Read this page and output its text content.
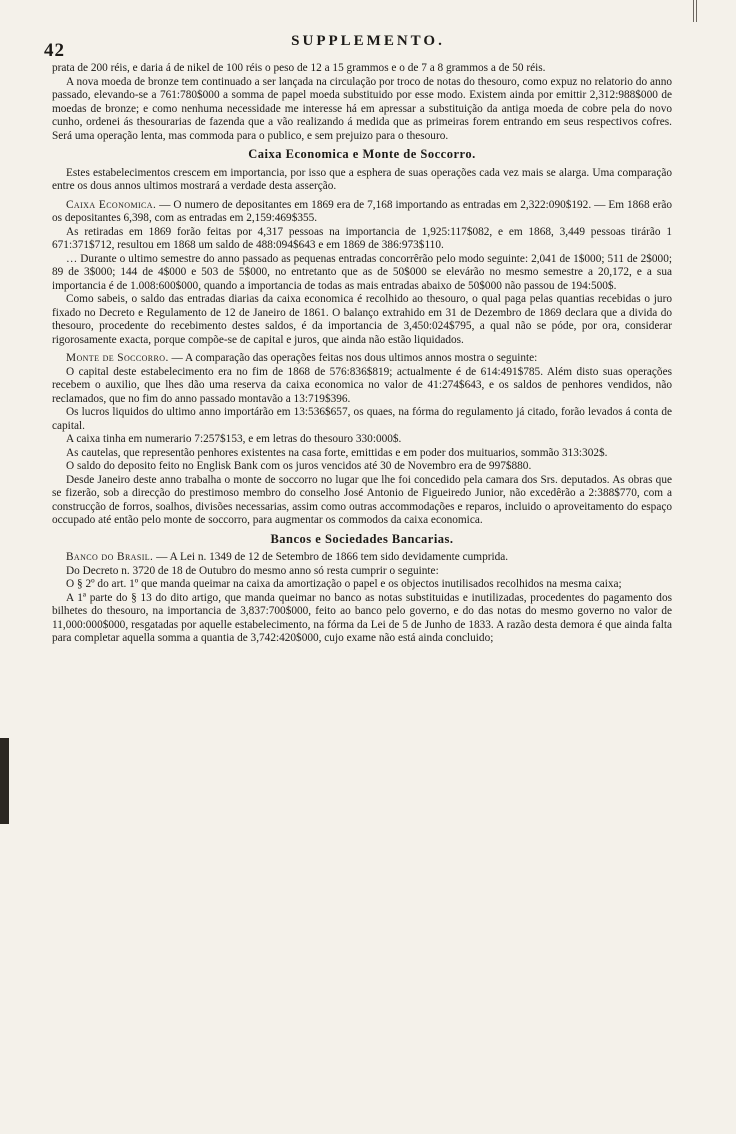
42	SUPPLEMENTO.

prata de 200 réis, e daria á de nikel de 100 réis o peso de 12 a 15 grammos e o de 7 a 8 grammos a de 50 réis.

A nova moeda de bronze tem continuado a ser lançada na circulação por troco de notas do thesouro, como expuz no relatorio do anno passado, elevando-se a 761:780$000 a somma de papel moeda substituido por esse modo. Existem ainda por emittir 2,312:988$000 de moedas de bronze; e como nenhuma necessidade me interesse há em apressar a substituição da antiga moeda de cobre pela do novo cunho, ordenei ás thesourarias de fazenda que a vão realizando á medida que as primeiras forem entrando em seus respectivos cofres. Será uma operação lenta, mas commoda para o publico, e sem prejuizo para o thesouro.

Caixa Economica e Monte de Soccorro.

Estes estabelecimentos crescem em importancia, por isso que a esphera de suas operações cada vez mais se alarga. Uma comparação entre os dous annos ultimos mostrará a verdade desta asserção.

Caixa Economica. — O numero de depositantes em 1869 era de 7,168 importando as entradas em 2,322:090$192. — Em 1868 erão os depositantes 6,398, com as entradas em 2,159:469$355.

As retiradas em 1869 forão feitas por 4,317 pessoas na importancia de 1,925:117$082, e em 1868, 3,449 pessoas tirárão 1 671:371$712, resultou em 1868 um saldo de 488:094$643 e em 1869 de 386:973$110.

… Durante o ultimo semestre do anno passado as pequenas entradas concorrêrão pelo modo seguinte: 2,041 de 1$000; 511 de 2$000; 89 de 3$000; 144 de 4$000 e 503 de 5$000, no entretanto que as de 50$000 se elevárão no mesmo semestre a 20,172, e a sua importancia é de 1.008:600$000, quando a importancia de todas as mais entradas abaixo de 50$000 não passou de 194:500$.

Como sabeis, o saldo das entradas diarias da caixa economica é recolhido ao thesouro, o qual paga pelas quantias recebidas o juro fixado no Decreto e Regulamento de 12 de Janeiro de 1861. O balanço extrahido em 31 de Dezembro de 1869 declara que a divida do thesouro, procedente do recebimento destes saldos, é da importancia de 3,450:024$795, a qual não se póde, por ora, considerar rigorosamente exacta, porque compõe-se de capital e juros, que ainda não estão liquidados.

Monte de Soccorro. — A comparação das operações feitas nos dous ultimos annos mostra o seguinte:

O capital deste estabelecimento era no fim de 1868 de 576:836$819; actualmente é de 614:491$785. Além disto suas operações recebem o auxilio, que lhes dão uma reserva da caixa economica no valor de 41:274$643, e os saldos de penhores vendidos, não reclamados, que no fim do anno passado montavão a 13:719$396.

Os lucros liquidos do ultimo anno importárão em 13:536$657, os quaes, na fórma do regulamento já citado, forão levados á conta de capital.

A caixa tinha em numerario 7:257$153, e em letras do thesouro 330:000$.

As cautelas, que representão penhores existentes na casa forte, emittidas e em poder dos muituarios, sommão 313:302$.

O saldo do deposito feito no Englisk Bank com os juros vencidos até 30 de Novembro era de 997$880.

Desde Janeiro deste anno trabalha o monte de soccorro no lugar que lhe foi concedido pela camara dos Srs. deputados. As obras que se fizerão, sob a direcção do prestimoso membro do conselho José Antonio de Figueiredo Junior, não excedêrão a 2:388$770, com a construcção de forros, soalhos, divisões necessarias, assim como outras accommodações e reparos, incluido o aproveitamento do espaço occupado até então pelo monte de soccorro, para augmentar os commodos da caixa economica.

Bancos e Sociedades Bancarias.

Banco do Brasil. — A Lei n. 1349 de 12 de Setembro de 1866 tem sido devidamente cumprida.

Do Decreto n. 3720 de 18 de Outubro do mesmo anno só resta cumprir o seguinte:

O § 2º do art. 1º que manda queimar na caixa da amortização o papel e os objectos inutilisados recolhidos na mesma caixa;

A 1ª parte do § 13 do dito artigo, que manda queimar no banco as notas substituidas e inutilizadas, procedentes do pagamento dos bilhetes do thesouro, na importancia de 3,837:700$000, feito ao banco pelo governo, e do das notas do mesmo governo no valor de 11,000:000$000, resgatadas por aquelle estabelecimento, na fórma da Lei de 5 de Junho de 1833. A razão desta demora é que ainda falta para completar aquella somma a quantia de 3,742:420$000, cujo exame não está ainda concluido;
